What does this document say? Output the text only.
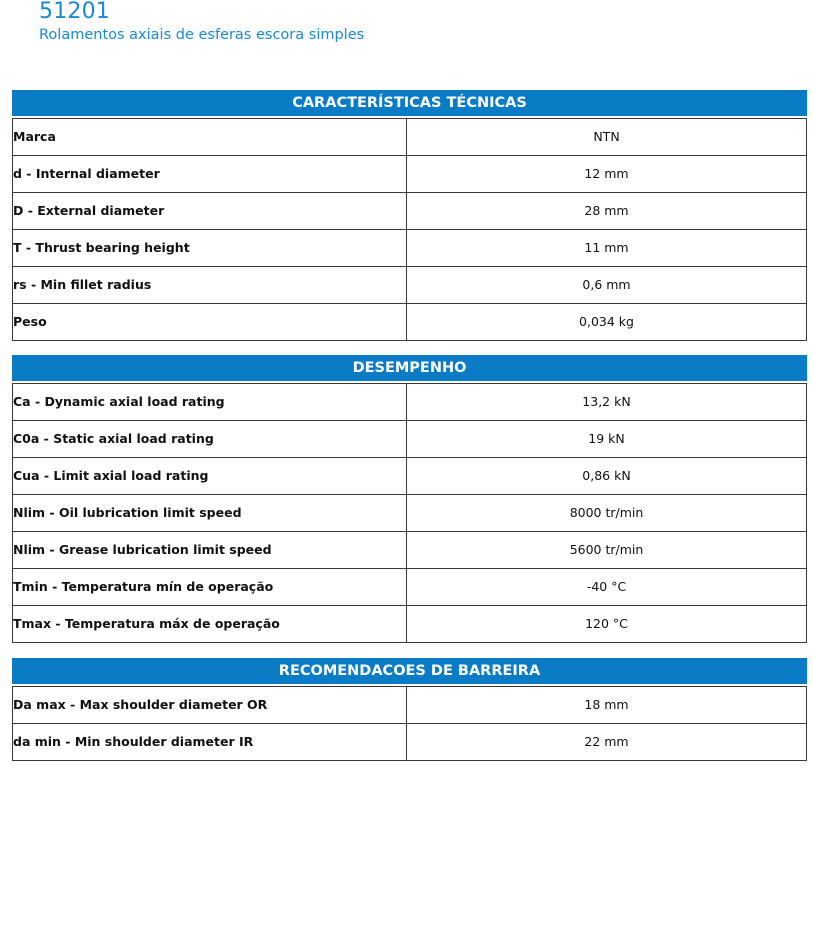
51201
Rolamentos axiais de esferas escora simples
CARACTERÍSTICAS TÉCNICAS
Marca	NTN
d - Internal diameter	12 mm
D - External diameter	28 mm
T - Thrust bearing height	11 mm
rs - Min fillet radius	0,6 mm
Peso	0,034 kg
DESEMPENHO
Ca - Dynamic axial load rating	13,2 kN
C0a - Static axial load rating	19 kN
Cua - Limit axial load rating	0,86 kN
Nlim - Oil lubrication limit speed	8000 tr/min
Nlim - Grease lubrication limit speed	5600 tr/min
Tmin - Temperatura mín de operação	-40 °C
Tmax - Temperatura máx de operação	120 °C
RECOMENDACOES DE BARREIRA
Da max - Max shoulder diameter OR	18 mm
da min - Min shoulder diameter IR	22 mm
